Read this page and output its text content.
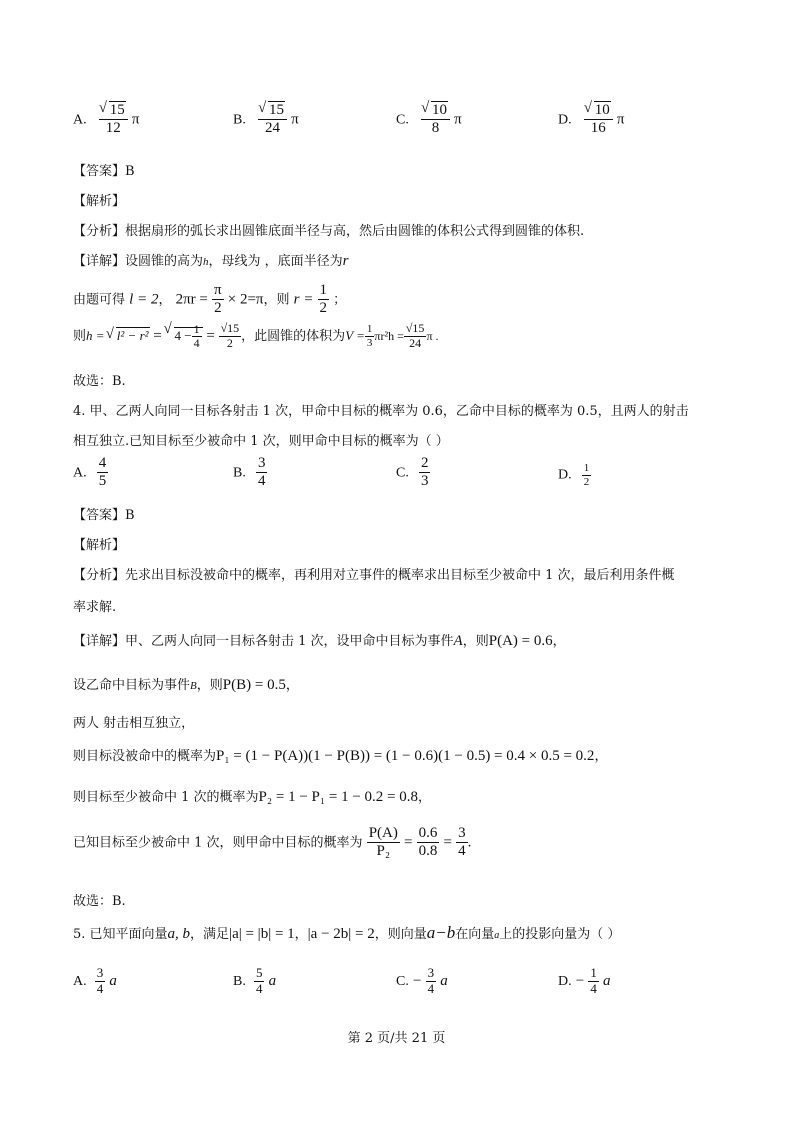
A. √ $\frac{15}{12}$ π	B. √ $\frac{15}{24}$ π	C. √ $\frac{10}{8}$ π	D. √ $\frac{10}{16}$ π
【答案】B
【解析】
【分析】根据扇形的弧长求出圆锥底面半径与高，然后由圆锥的体积公式得到圆锥的体积.
【详解】设圆锥的高为h，母线为 ，底面半径为r
由题可得 l = 2， $2\pi r = \frac{\pi}{2} \times 2=\pi$，则 $r = \frac{1}{2}$ ；
则h = √ l² − r² = √ $4 - \frac{1}{4} = \frac{√15}{2}$ ，此圆锥的体积为$V = \frac{1}{3} \pi r^2h = \frac{√15}{24}$ π .
故选：B.
4. 甲、乙两人向同一目标各射击 1 次，甲命中目标的概率为 0.6，乙命中目标的概率为 0.5，且两人的射击
相互独立.已知目标至少被命中 1 次，则甲命中目标的概率为（ ）
A. $\frac{4}{5}$	B. $\frac{3}{4}$	C. $\frac{2}{3}$	D. $\frac{1}{2}$
【答案】B
【解析】
【分析】先求出目标没被命中的概率，再利用对立事件的概率求出目标至少被命中 1 次，最后利用条件概
率求解.
【详解】甲、乙两人向同一目标各射击 1 次，设甲命中目标为事件A，则P(A) = 0.6，
设乙命中目标为事件B，则P(B) = 0.5，
两人 射击相互独立，
则目标没被命中的概率为P₁ = (1 − P(A))(1 − P(B)) = (1 − 0.6)(1 − 0.5) = 0.4 × 0.5 = 0.2，
则目标至少被命中 1 次的概率为P₂ = 1 − P₁ = 1 − 0.2 = 0.8，
已知目标至少被命中 1 次，则甲命中目标的概率为 $\frac{P(A)}{\text{P₂}} = \frac{0.6}{0.8} = \frac{3}{4}$ .
故选：B.
5. 已知平面向量a, b，满足|a| = |b| = 1，|a − 2b| = 2，则向量a−b在向量a上的投影向量为（ ）
A. $\frac{3}{4}$ a	B. $\frac{5}{4}$ a	C. − $\frac{3}{4}$ a	D. − $\frac{1}{4}$ a
第 2 页/共 21 页
